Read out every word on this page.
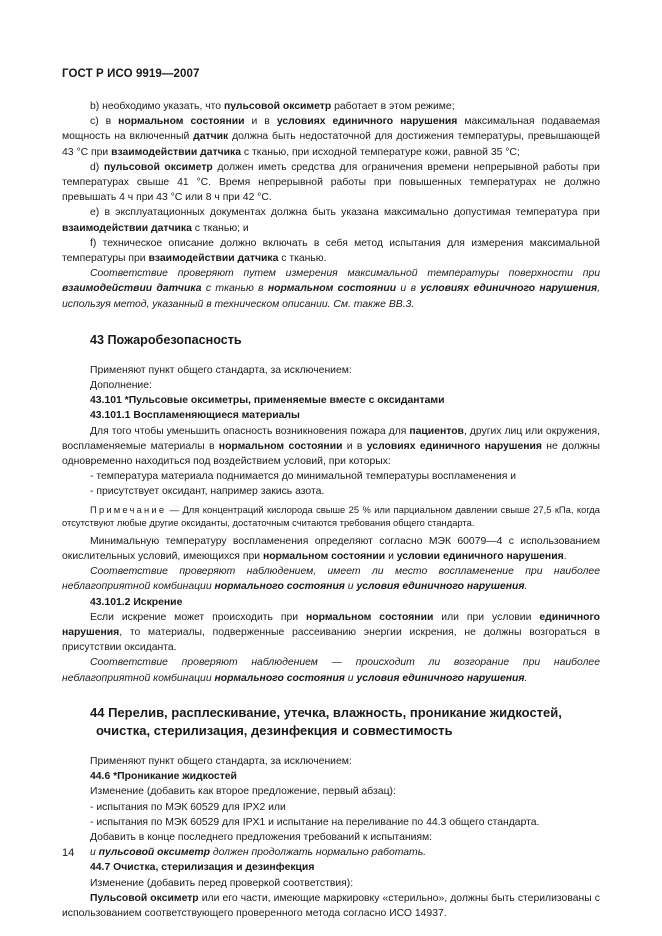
ГОСТ Р ИСО 9919—2007

b) необходимо указать, что пульсовой оксиметр работает в этом режиме;

c) в нормальном состоянии и в условиях единичного нарушения максимальная подаваемая мощность на включенный датчик должна быть недостаточной для достижения температуры, превышающей 43 °С при взаимодействии датчика с тканью, при исходной температуре кожи, равной 35 °С;

d) пульсовой оксиметр должен иметь средства для ограничения времени непрерывной работы при температурах свыше 41 °С. Время непрерывной работы при повышенных температурах не должно превышать 4 ч при 43 °С или 8 ч при 42 °С.

e) в эксплуатационных документах должна быть указана максимально допустимая температура при взаимодействии датчика с тканью; и

f) техническое описание должно включать в себя метод испытания для измерения максимальной температуры при взаимодействии датчика с тканью.

Соответствие проверяют путем измерения максимальной температуры поверхности при взаимодействии датчика с тканью в нормальном состоянии и в условиях единичного нарушения, используя метод, указанный в техническом описании. См. также ВВ.3.

43 Пожаробезопасность

Применяют пункт общего стандарта, за исключением:

Дополнение:

43.101 *Пульсовые оксиметры, применяемые вместе с оксидантами

43.101.1 Воспламеняющиеся материалы

Для того чтобы уменьшить опасность возникновения пожара для пациентов, других лиц или окружения, воспламеняемые материалы в нормальном состоянии и в условиях единичного нарушения не должны одновременно находиться под воздействием условий, при которых:

- температура материала поднимается до минимальной температуры воспламенения и

- присутствует оксидант, например закись азота.

Примечание — Для концентраций кислорода свыше 25 % или парциальном давлении свыше 27,5 кПа, когда отсутствуют любые другие оксиданты, достаточным считаются требования общего стандарта.

Минимальную температуру воспламенения определяют согласно МЭК 60079—4 с использованием окислительных условий, имеющихся при нормальном состоянии и условии единичного нарушения.

Соответствие проверяют наблюдением, имеет ли место воспламенение при наиболее неблагоприятной комбинации нормального состояния и условия единичного нарушения.

43.101.2 Искрение

Если искрение может происходить при нормальном состоянии или при условии единичного нарушения, то материалы, подверженные рассеиванию энергии искрения, не должны возгораться в присутствии оксиданта.

Соответствие проверяют наблюдением — происходит ли возгорание при наиболее неблагоприятной комбинации нормального состояния и условия единичного нарушения.

44 Перелив, расплескивание, утечка, влажность, проникание жидкостей,
очистка, стерилизация, дезинфекция и совместимость

Применяют пункт общего стандарта, за исключением:

44.6 *Проникание жидкостей

Изменение (добавить как второе предложение, первый абзац):

- испытания по МЭК 60529 для IPX2 или

- испытания по МЭК 60529 для IPX1 и испытание на переливание по 44.3 общего стандарта.

Добавить в конце последнего предложения требований к испытаниям:

и пульсовой оксиметр должен продолжать нормально работать.

44.7 Очистка, стерилизация и дезинфекция

Изменение (добавить перед проверкой соответствия):

Пульсовой оксиметр или его части, имеющие маркировку «стерильно», должны быть стерилизованы с использованием соответствующего проверенного метода согласно ИСО 14937.

14
